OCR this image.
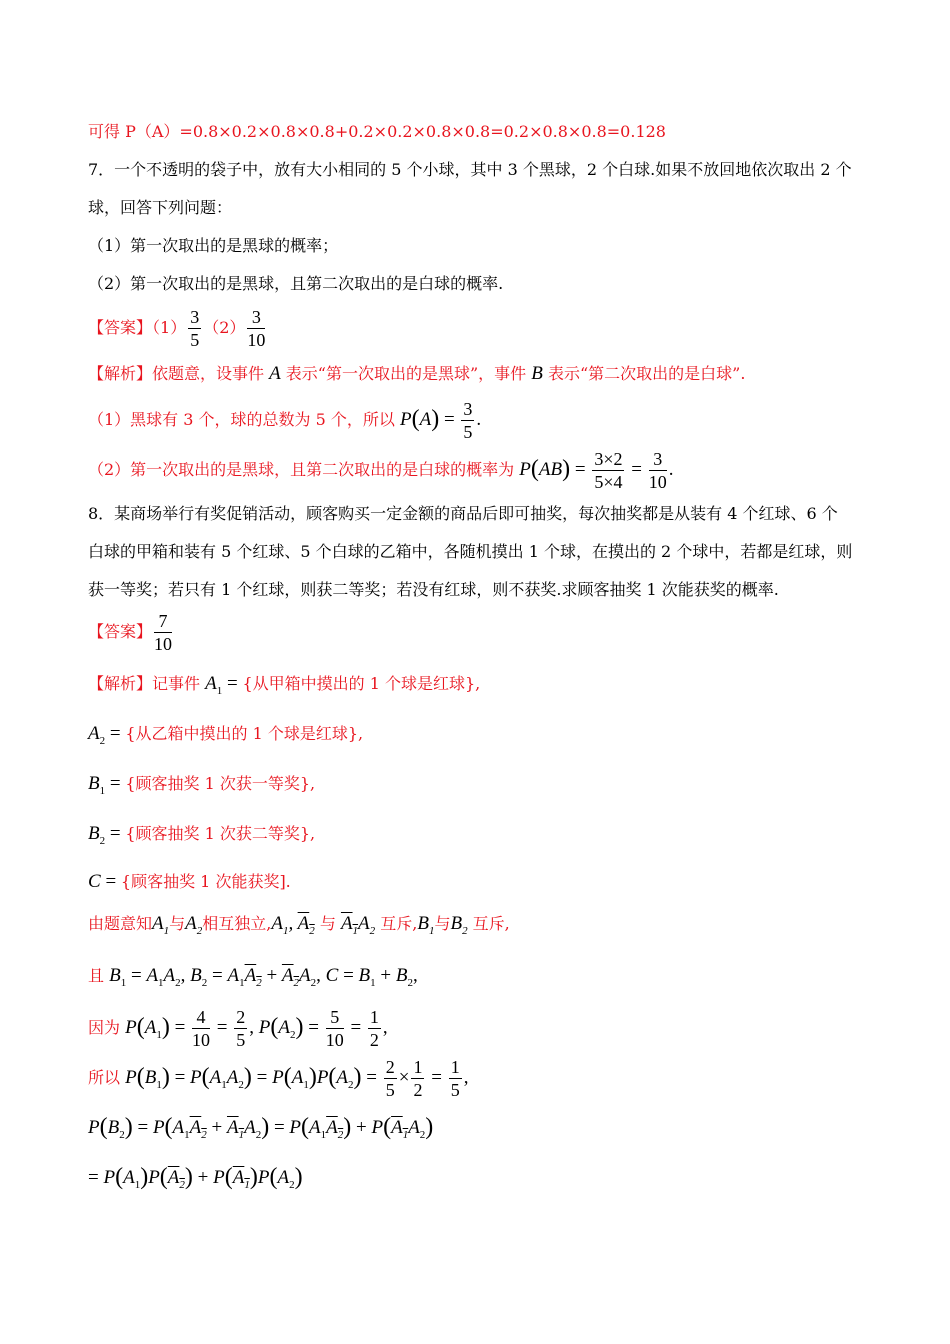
可得 P（A）=0.8×0.2×0.8×0.8+0.2×0.2×0.8×0.8=0.2×0.8×0.8=0.128
7．一个不透明的袋子中，放有大小相同的 5 个小球，其中 3 个黑球，2 个白球.如果不放回地依次取出 2 个
球，回答下列问题：
（1）第一次取出的是黑球的概率；
（2）第一次取出的是黑球，且第二次取出的是白球的概率.
【答案】$(1) \frac{3}{5} (2) \frac{3}{10}$
【解析】依题意，设事件 A 表示“第一次取出的是黑球”，事件 B 表示“第二次取出的是白球”.
（1）黑球有 3 个，球的总数为 5 个，所以 $P(A) = \frac{3}{5}$ .
（2）第一次取出的是黑球，且第二次取出的是白球的概率为 $P(AB) = \frac{3\times 2}{5\times 4} = \frac{3}{10}$ .
8．某商场举行有奖促销活动，顾客购买一定金额的商品后即可抽奖，每次抽奖都是从装有 4 个红球、6 个
白球的甲箱和装有 5 个红球、5 个白球的乙箱中，各随机摸出 1 个球，在摸出的 2 个球中，若都是红球，则
获一等奖；若只有 1 个红球，则获二等奖；若没有红球，则不获奖.求顾客抽奖 1 次能获奖的概率.
【答案】 $\frac{7}{10}$
【解析】记事件 $A_1$ = {从甲箱中摸出的 1 个球是红球},
$A_2$ = {从乙箱中摸出的 1 个球是红球},
$B_1$ = {顾客抽奖 1 次获一等奖},
$B_2$ = {顾客抽奖 1 次获二等奖},
C = {顾客抽奖 1 次能获奖].
由题意知$A_1$与$A_2$相互独立$,A_1$, $A_2$ 与 $A_1A_2$ 互斥$,B_1$与$B_2$ 互斥,
且 $B_1 = A_1A_2$, $B_2 = A_1A_2 + A_2A_2$, $C = B_1 + B_2$,
因为 $P(A_1) = \frac{4}{10} = \frac{2}{5}$ , $P(A_2) = \frac{5}{10} = \frac{1}{2}$ ,
所以 $P(B_1) = P(A_1A_2) = P(A_1)P(A_2) = \frac{2}{5} \times \frac{1}{2} = \frac{1}{5}$ ,
$P(B_2) = P(A_1A_2 + A_1A_2) = P(A_1A_2) + P(A_1A_2)$
= $P(A_1)P(A_2) + P(A_1)P(A_2)$
